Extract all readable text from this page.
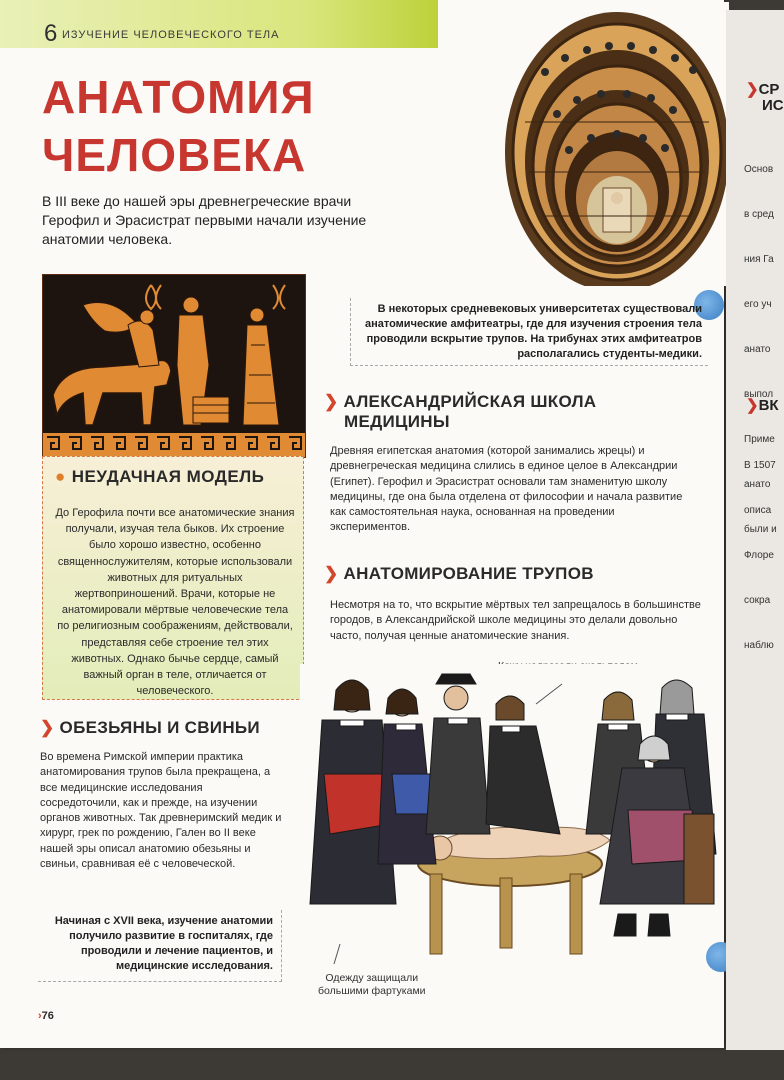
6 ИЗУЧЕНИЕ ЧЕЛОВЕЧЕСКОГО ТЕЛА
АНАТОМИЯ
ЧЕЛОВЕКА
В III веке до нашей эры древнегреческие врачи Герофил и Эрасистрат первыми начали изучение анатомии человека.
● НЕУДАЧНАЯ МОДЕЛЬ
До Герофила почти все анатомические знания получали, изучая тела быков. Их строение было хорошо известно, особенно священнослужителям, которые использовали животных для ритуальных жертвоприношений. Врачи, которые не анатомировали мёртвые человеческие тела по религиозным соображениям, действовали, представляя себе строение тел этих животных. Однако бычье сердце, самый важный орган в теле, отличается от человеческого.
❯ ОБЕЗЬЯНЫ И СВИНЬИ
Во времена Римской империи практика анатомирования трупов была прекращена, а все медицинские исследования сосредоточили, как и прежде, на изучении органов животных. Так древнеримский медик и хирург, грек по рождению, Гален во II веке нашей эры описал анатомию обезьяны и свиньи, сравнивая её с человеческой.
Начиная с XVII века, изучение анатомии получило развитие в госпиталях, где проводили и лечение пациентов, и медицинские исследования.
›76
В некоторых средневековых университетах существовали анатомические амфитеатры, где для изучения строения тела проводили вскрытие трупов. На трибунах этих амфитеатров располагались студенты-медики.
❯ АЛЕКСАНДРИЙСКАЯ ШКОЛА
МЕДИЦИНЫ
Древняя египетская анатомия (которой занимались жрецы) и древнегреческая медицина слились в единое целое в Александрии (Египет). Герофил и Эрасистрат основали там знаменитую школу медицины, где она была отделена от философии и начала развитие как самостоятельная наука, основанная на проведении экспериментов.
❯ АНАТОМИРОВАНИЕ ТРУПОВ
Несмотря на то, что вскрытие мёртвых тел запрещалось в большинстве городов, в Александрийской школе медицины это делали довольно часто, получая ценные анатомические знания.
Одежду защищали
большими фартуками
❯СР
ИС

Основ

в сред

ния Га

его уч

анато

выпол

Приме

анато

были и

❯ВК

В 1507

описа

Флоре

сокра

наблю
